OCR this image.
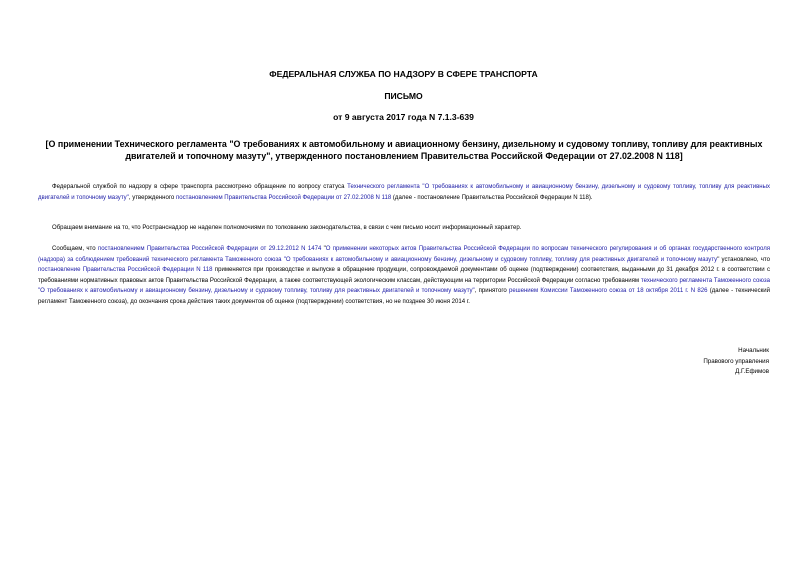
ФЕДЕРАЛЬНАЯ СЛУЖБА ПО НАДЗОРУ В СФЕРЕ ТРАНСПОРТА
ПИСЬМО
от 9 августа 2017 года N 7.1.3-639
[О применении Технического регламента "О требованиях к автомобильному и авиационному бензину, дизельному и судовому топливу, топливу для реактивных двигателей и топочному мазуту", утвержденного постановлением Правительства Российской Федерации от 27.02.2008 N 118]

Федеральной службой по надзору в сфере транспорта рассмотрено обращение по вопросу статуса Технического регламента "О требованиях к автомобильному и авиационному бензину, дизельному и судовому топливу, топливу для реактивных двигателей и топочному мазуту", утвержденного постановлением Правительства Российской Федерации от 27.02.2008 N 118 (далее - постановление Правительства Российской Федерации N 118).

Обращаем внимание на то, что Ространснадзор не наделен полномочиями по толкованию законодательства, в связи с чем письмо носит информационный характер.

Сообщаем, что постановлением Правительства Российской Федерации от 29.12.2012 N 1474 "О применении некоторых актов Правительства Российской Федерации по вопросам технического регулирования и об органах государственного контроля (надзора) за соблюдением требований технического регламента Таможенного союза "О требованиях к автомобильному и авиационному бензину, дизельному и судовому топливу, топливу для реактивных двигателей и топочному мазуту" установлено, что постановление Правительства Российской Федерации N 118 применяется при производстве и выпуске в обращение продукции, сопровождаемой документами об оценке (подтверждении) соответствия, выданными до 31 декабря 2012 г. в соответствии с требованиями нормативных правовых актов Правительства Российской Федерации, а также соответствующей экологическим классам, действующим на территории Российской Федерации согласно требованиям технического регламента Таможенного союза "О требованиях к автомобильному и авиационному бензину, дизельному и судовому топливу, топливу для реактивных двигателей и топочному мазуту", принятого решением Комиссии Таможенного союза от 18 октября 2011 г. N 826 (далее - технический регламент Таможенного союза), до окончания срока действия таких документов об оценке (подтверждении) соответствия, но не позднее 30 июня 2014 г.

Начальник
Правового управления
Д.Г.Ефимов
